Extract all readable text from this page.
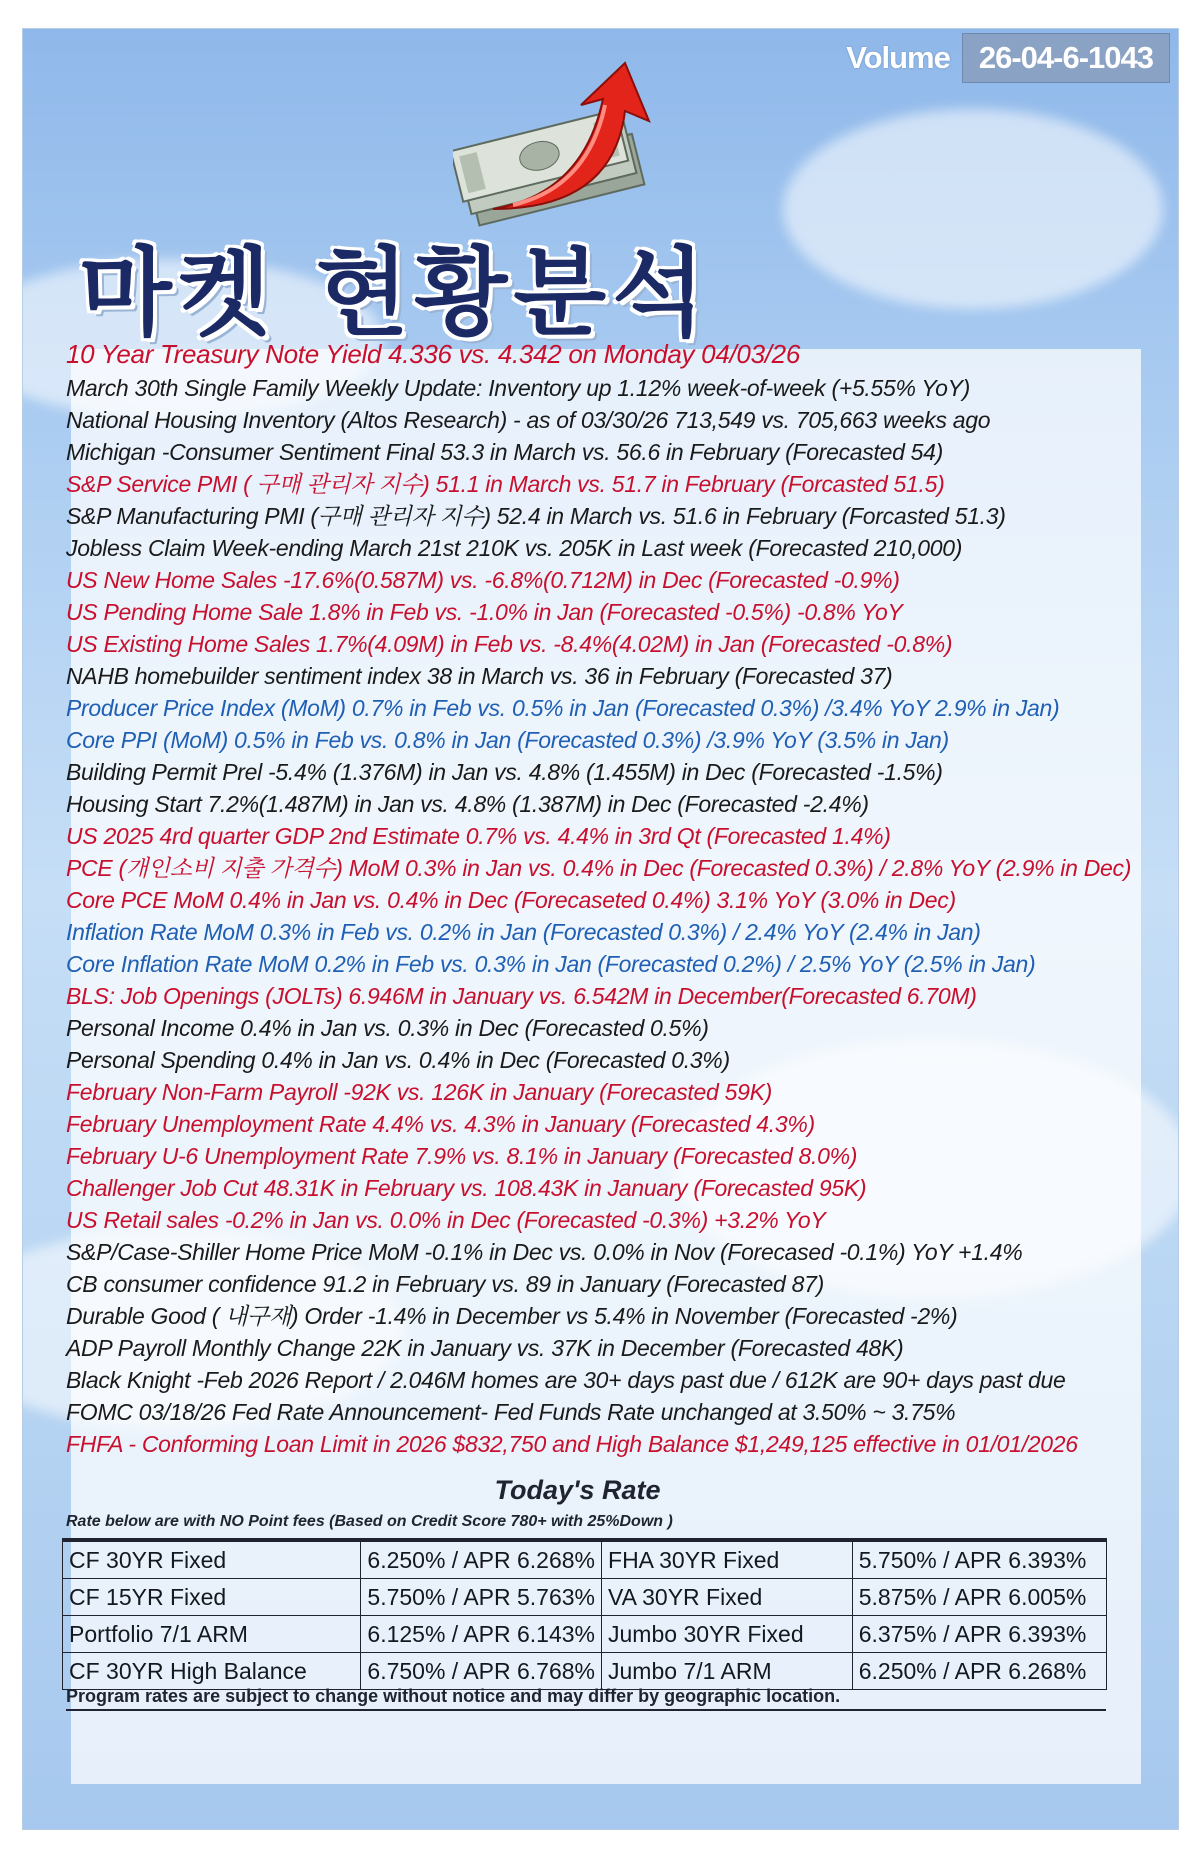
Volume 26-04-6-1043
마켓 현황분석
10 Year Treasury Note Yield 4.336 vs. 4.342 on Monday 04/03/26
March 30th Single Family Weekly Update: Inventory up 1.12% week-of-week (+5.55% YoY)
National Housing Inventory (Altos Research) - as of 03/30/26 713,549 vs. 705,663 weeks ago
Michigan -Consumer Sentiment Final 53.3 in March vs. 56.6 in February (Forecasted 54)
S&P Service PMI ( 구매 관리자 지수) 51.1 in March vs. 51.7 in February (Forcasted 51.5)
S&P Manufacturing PMI (구매 관리자 지수) 52.4 in March vs. 51.6 in February (Forcasted 51.3)
Jobless Claim Week-ending March 21st 210K vs. 205K in Last week (Forecasted 210,000)
US New Home Sales -17.6%(0.587M) vs. -6.8%(0.712M) in Dec (Forecasted -0.9%)
US Pending Home Sale 1.8% in Feb vs. -1.0% in Jan (Forecasted -0.5%) -0.8% YoY
US Existing Home Sales 1.7%(4.09M) in Feb vs. -8.4%(4.02M) in Jan (Forecasted -0.8%)
NAHB homebuilder sentiment index 38 in March vs. 36 in February (Forecasted 37)
Producer Price Index (MoM) 0.7% in Feb vs. 0.5% in Jan (Forecasted 0.3%) /3.4% YoY 2.9% in Jan)
Core PPI (MoM) 0.5% in Feb vs. 0.8% in Jan (Forecasted 0.3%) /3.9% YoY (3.5% in Jan)
Building Permit Prel -5.4% (1.376M) in Jan vs. 4.8% (1.455M) in Dec (Forecasted -1.5%)
Housing Start 7.2%(1.487M) in Jan vs. 4.8% (1.387M) in Dec (Forecasted -2.4%)
US 2025 4rd quarter GDP 2nd Estimate 0.7% vs. 4.4% in 3rd Qt (Forecasted 1.4%)
PCE (개인소비 지출 가격수) MoM 0.3% in Jan vs. 0.4% in Dec (Forecasted 0.3%) / 2.8% YoY (2.9% in Dec)
Core PCE MoM 0.4% in Jan vs. 0.4% in Dec (Forecaseted 0.4%) 3.1% YoY (3.0% in Dec)
Inflation Rate MoM 0.3% in Feb vs. 0.2% in Jan (Forecasted 0.3%) / 2.4% YoY (2.4% in Jan)
Core Inflation Rate MoM 0.2% in Feb vs. 0.3% in Jan (Forecasted 0.2%) / 2.5% YoY (2.5% in Jan)
BLS: Job Openings (JOLTs) 6.946M in January vs. 6.542M in December(Forecasted 6.70M)
Personal Income 0.4% in Jan vs. 0.3% in Dec (Forecasted 0.5%)
Personal Spending 0.4% in Jan vs. 0.4% in Dec (Forecasted 0.3%)
February Non-Farm Payroll -92K vs. 126K in January (Forecasted 59K)
February Unemployment Rate 4.4% vs. 4.3% in January (Forecasted 4.3%)
February U-6 Unemployment Rate 7.9% vs. 8.1% in January (Forecasted 8.0%)
Challenger Job Cut 48.31K in February vs. 108.43K in January (Forecasted 95K)
US Retail sales -0.2% in Jan vs. 0.0% in Dec (Forecasted -0.3%) +3.2% YoY
S&P/Case-Shiller Home Price MoM -0.1% in Dec vs. 0.0% in Nov (Forecased -0.1%) YoY +1.4%
CB consumer confidence 91.2 in February vs. 89 in January (Forecasted 87)
Durable Good ( 내구재) Order -1.4% in December vs 5.4% in November (Forecasted -2%)
ADP Payroll Monthly Change 22K in January vs. 37K in December (Forecasted 48K)
Black Knight -Feb 2026 Report / 2.046M homes are 30+ days past due / 612K are 90+ days past due
FOMC 03/18/26 Fed Rate Announcement- Fed Funds Rate unchanged at 3.50% ~ 3.75%
FHFA - Conforming Loan Limit in 2026 $832,750 and High Balance $1,249,125 effective in 01/01/2026
Today's Rate
Rate below are with NO Point fees (Based on Credit Score 780+ with 25%Down )
CF 30YR Fixed	6.250% / APR 6.268%	FHA 30YR Fixed	5.750% / APR 6.393%
CF 15YR Fixed	5.750% / APR 5.763%	VA 30YR Fixed	5.875% / APR 6.005%
Portfolio 7/1 ARM	6.125% / APR 6.143%	Jumbo 30YR Fixed	6.375% / APR 6.393%
CF 30YR High Balance	6.750% / APR 6.768%	Jumbo 7/1 ARM	6.250% / APR 6.268%
Program rates are subject to change without notice and may differ by geographic location.
